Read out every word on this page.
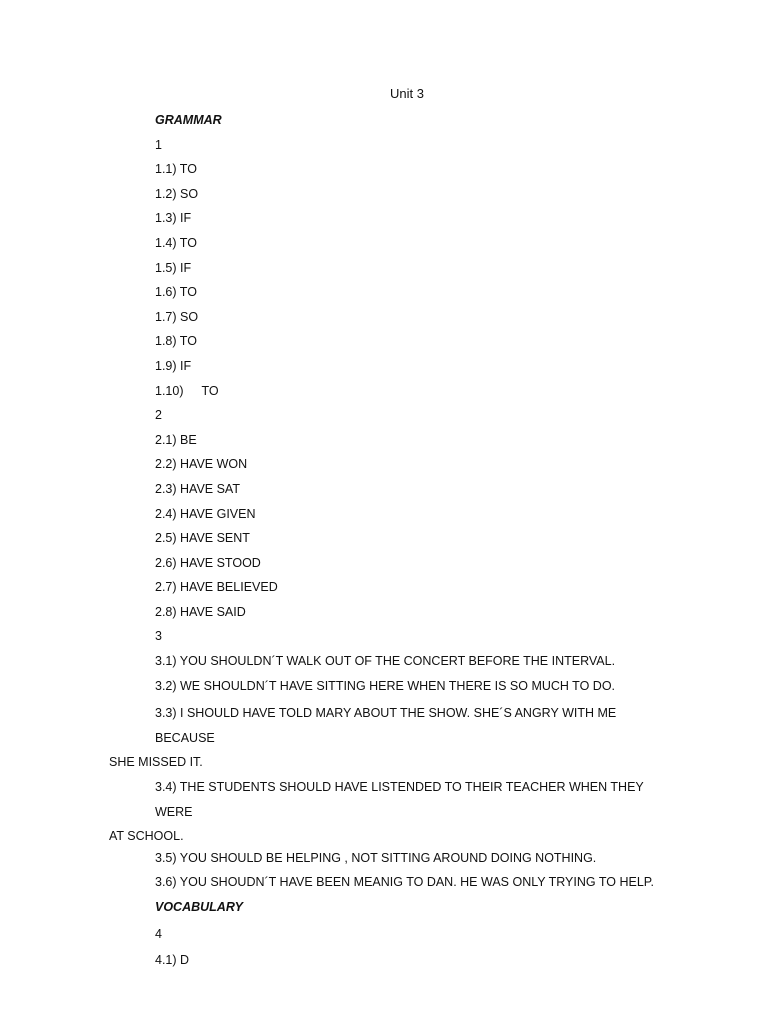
Unit 3
GRAMMAR
1
1.1) TO
1.2) SO
1.3) IF
1.4) TO
1.5) IF
1.6) TO
1.7) SO
1.8) TO
1.9) IF
1.10) TO
2
2.1) BE
2.2) HAVE WON
2.3) HAVE SAT
2.4) HAVE GIVEN
2.5) HAVE SENT
2.6) HAVE STOOD
2.7) HAVE BELIEVED
2.8) HAVE SAID
3
3.1) YOU SHOULDN´T WALK OUT OF THE CONCERT BEFORE THE INTERVAL.
3.2) WE SHOULDN´T HAVE SITTING HERE WHEN THERE IS SO MUCH TO DO.
3.3) I SHOULD HAVE TOLD MARY ABOUT THE SHOW. SHE´S ANGRY WITH ME BECAUSE
SHE MISSED IT.
3.4) THE STUDENTS SHOULD HAVE LISTENDED TO THEIR TEACHER WHEN THEY WERE
AT SCHOOL.
3.5) YOU SHOULD BE HELPING , NOT SITTING AROUND DOING NOTHING.
3.6) YOU SHOUDN´T HAVE BEEN MEANIG TO DAN. HE WAS ONLY TRYING TO HELP.
VOCABULARY
4
4.1) D
